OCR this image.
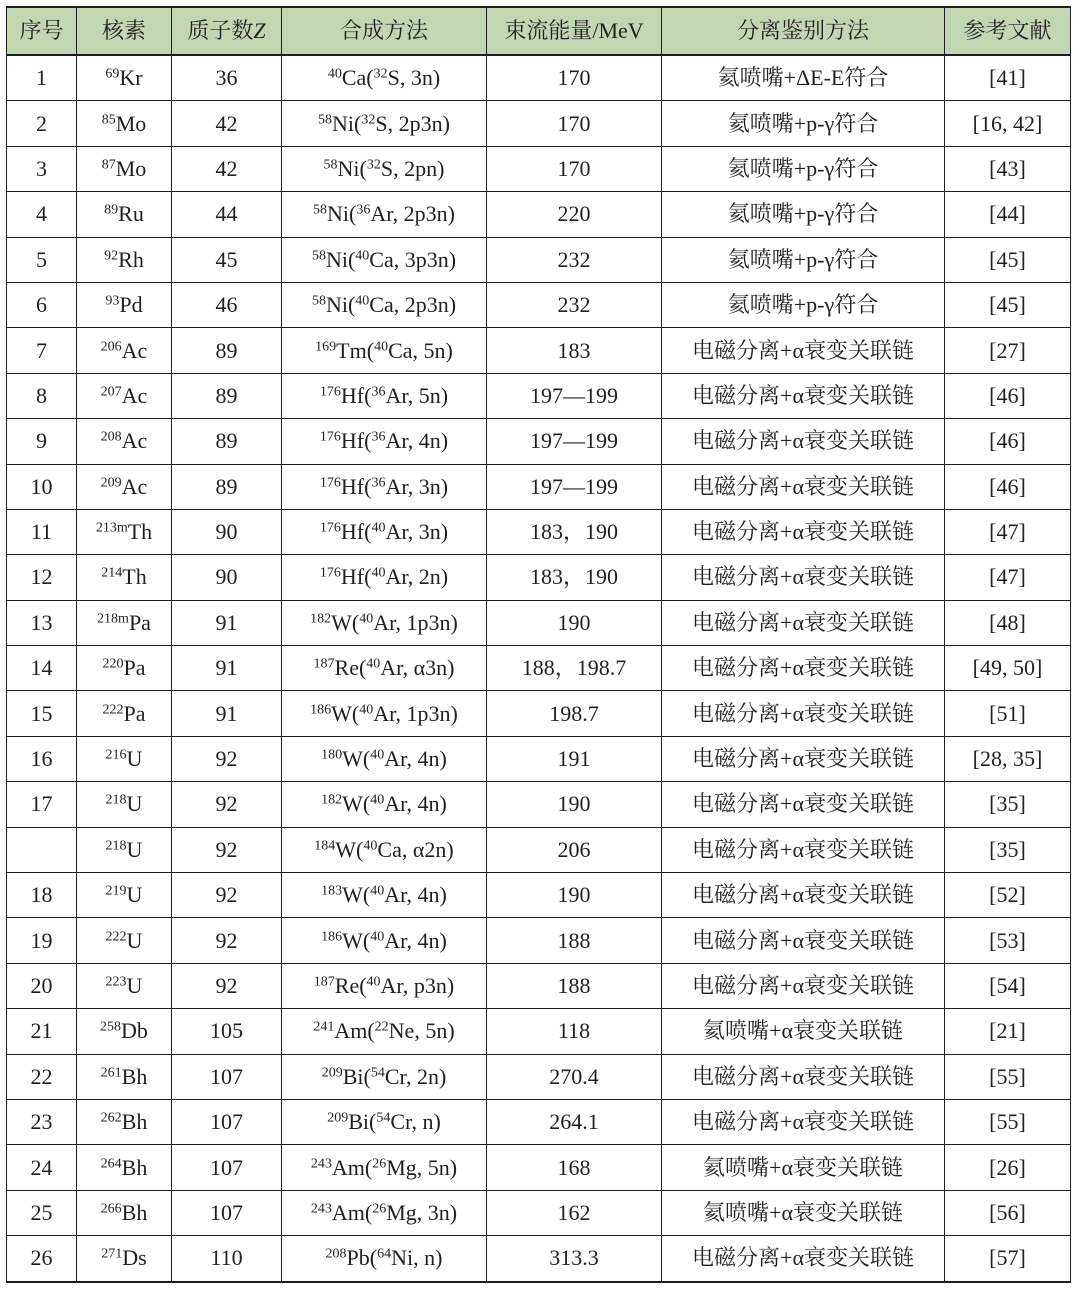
序号	核素	质子数Z	合成方法	束流能量/MeV	分离鉴别方法	参考文献
1	$^{69}$Kr	36	$^{40}$Ca($^{32}$S, 3n)	170	氦喷嘴+ΔE-E符合	[41]
2	$^{85}$Mo	42	$^{58}$Ni($^{32}$S, 2p3n)	170	氦喷嘴+p-γ符合	[16, 42]
3	$^{87}$Mo	42	$^{58}$Ni($^{32}$S, 2pn)	170	氦喷嘴+p-γ符合	[43]
4	$^{89}$Ru	44	$^{58}$Ni($^{36}$Ar, 2p3n)	220	氦喷嘴+p-γ符合	[44]
5	$^{92}$Rh	45	$^{58}$Ni($^{40}$Ca, 3p3n)	232	氦喷嘴+p-γ符合	[45]
6	$^{93}$Pd	46	$^{58}$Ni($^{40}$Ca, 2p3n)	232	氦喷嘴+p-γ符合	[45]
7	$^{206}$Ac	89	$^{169}$Tm($^{40}$Ca, 5n)	183	电磁分离+α衰变关联链	[27]
8	$^{207}$Ac	89	$^{176}$Hf($^{36}$Ar, 5n)	197—199	电磁分离+α衰变关联链	[46]
9	$^{208}$Ac	89	$^{176}$Hf($^{36}$Ar, 4n)	197—199	电磁分离+α衰变关联链	[46]
10	$^{209}$Ac	89	$^{176}$Hf($^{36}$Ar, 3n)	197—199	电磁分离+α衰变关联链	[46]
11	$^{213m}$Th	90	$^{176}$Hf($^{40}$Ar, 3n)	183，190	电磁分离+α衰变关联链	[47]
12	$^{214}$Th	90	$^{176}$Hf($^{40}$Ar, 2n)	183，190	电磁分离+α衰变关联链	[47]
13	$^{218m}$Pa	91	$^{182}$W($^{40}$Ar, 1p3n)	190	电磁分离+α衰变关联链	[48]
14	$^{220}$Pa	91	$^{187}$Re($^{40}$Ar, α3n)	188，198.7	电磁分离+α衰变关联链	[49, 50]
15	$^{222}$Pa	91	$^{186}$W($^{40}$Ar, 1p3n)	198.7	电磁分离+α衰变关联链	[51]
16	$^{216}$U	92	$^{180}$W($^{40}$Ar, 4n)	191	电磁分离+α衰变关联链	[28, 35]
17	$^{218}$U	92	$^{182}$W($^{40}$Ar, 4n)	190	电磁分离+α衰变关联链	[35]
	$^{218}$U	92	$^{184}$W($^{40}$Ca, α2n)	206	电磁分离+α衰变关联链	[35]
18	$^{219}$U	92	$^{183}$W($^{40}$Ar, 4n)	190	电磁分离+α衰变关联链	[52]
19	$^{222}$U	92	$^{186}$W($^{40}$Ar, 4n)	188	电磁分离+α衰变关联链	[53]
20	$^{223}$U	92	$^{187}$Re($^{40}$Ar, p3n)	188	电磁分离+α衰变关联链	[54]
21	$^{258}$Db	105	$^{241}$Am($^{22}$Ne, 5n)	118	氦喷嘴+α衰变关联链	[21]
22	$^{261}$Bh	107	$^{209}$Bi($^{54}$Cr, 2n)	270.4	电磁分离+α衰变关联链	[55]
23	$^{262}$Bh	107	$^{209}$Bi($^{54}$Cr, n)	264.1	电磁分离+α衰变关联链	[55]
24	$^{264}$Bh	107	$^{243}$Am($^{26}$Mg, 5n)	168	氦喷嘴+α衰变关联链	[26]
25	$^{266}$Bh	107	$^{243}$Am($^{26}$Mg, 3n)	162	氦喷嘴+α衰变关联链	[56]
26	$^{271}$Ds	110	$^{208}$Pb($^{64}$Ni, n)	313.3	电磁分离+α衰变关联链	[57]
